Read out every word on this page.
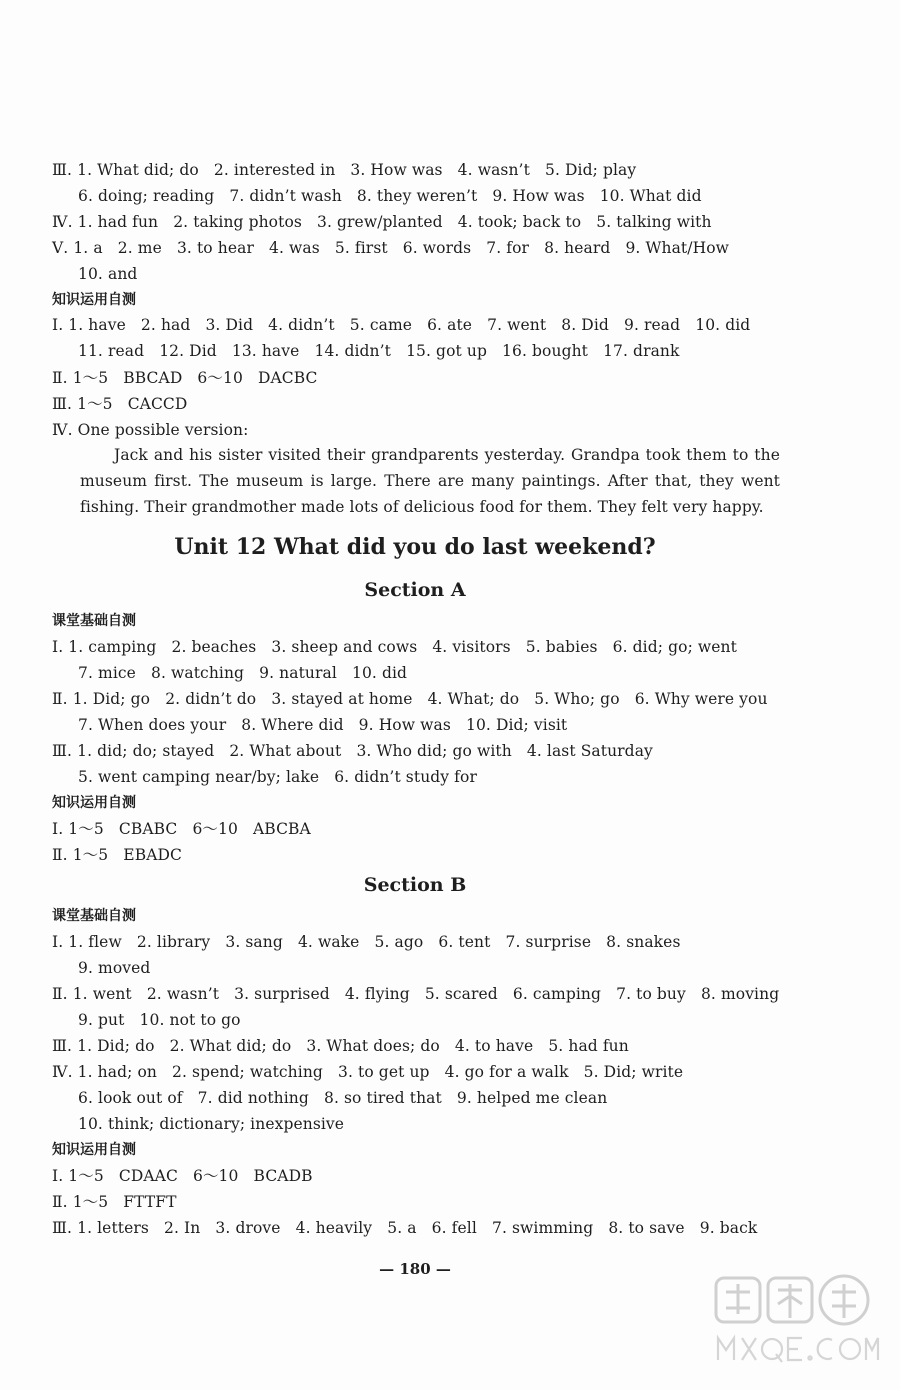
Ⅲ. 1. What did; do   2. interested in   3. How was   4. wasn’t   5. Did; play
6. doing; reading   7. didn’t wash   8. they weren’t   9. How was   10. What did
Ⅳ. 1. had fun   2. taking photos   3. grew/planted   4. took; back to   5. talking with
Ⅴ. 1. a   2. me   3. to hear   4. was   5. first   6. words   7. for   8. heard   9. What/How
10. and
知识运用自测
Ⅰ. 1. have   2. had   3. Did   4. didn’t   5. came   6. ate   7. went   8. Did   9. read   10. did
11. read   12. Did   13. have   14. didn’t   15. got up   16. bought   17. drank
Ⅱ. 1～5   BBCAD   6～10   DACBC
Ⅲ. 1～5   CACCD
Ⅳ. One possible version:
Jack and his sister visited their grandparents yesterday. Grandpa took them to the
museum first. The museum is large. There are many paintings. After that, they went
fishing. Their grandmother made lots of delicious food for them. They felt very happy.
Unit 12 What did you do last weekend?
Section A
课堂基础自测
Ⅰ. 1. camping   2. beaches   3. sheep and cows   4. visitors   5. babies   6. did; go; went
7. mice   8. watching   9. natural   10. did
Ⅱ. 1. Did; go   2. didn’t do   3. stayed at home   4. What; do   5. Who; go   6. Why were you
7. When does your   8. Where did   9. How was   10. Did; visit
Ⅲ. 1. did; do; stayed   2. What about   3. Who did; go with   4. last Saturday
5. went camping near/by; lake   6. didn’t study for
知识运用自测
Ⅰ. 1～5   CBABC   6～10   ABCBA
Ⅱ. 1～5   EBADC
Section B
课堂基础自测
Ⅰ. 1. flew   2. library   3. sang   4. wake   5. ago   6. tent   7. surprise   8. snakes
9. moved
Ⅱ. 1. went   2. wasn’t   3. surprised   4. flying   5. scared   6. camping   7. to buy   8. moving
9. put   10. not to go
Ⅲ. 1. Did; do   2. What did; do   3. What does; do   4. to have   5. had fun
Ⅳ. 1. had; on   2. spend; watching   3. to get up   4. go for a walk   5. Did; write
6. look out of   7. did nothing   8. so tired that   9. helped me clean
10. think; dictionary; inexpensive
知识运用自测
Ⅰ. 1～5   CDAAC   6～10   BCADB
Ⅱ. 1～5   FTTFT
Ⅲ. 1. letters   2. In   3. drove   4. heavily   5. a   6. fell   7. swimming   8. to save   9. back
— 180 —
